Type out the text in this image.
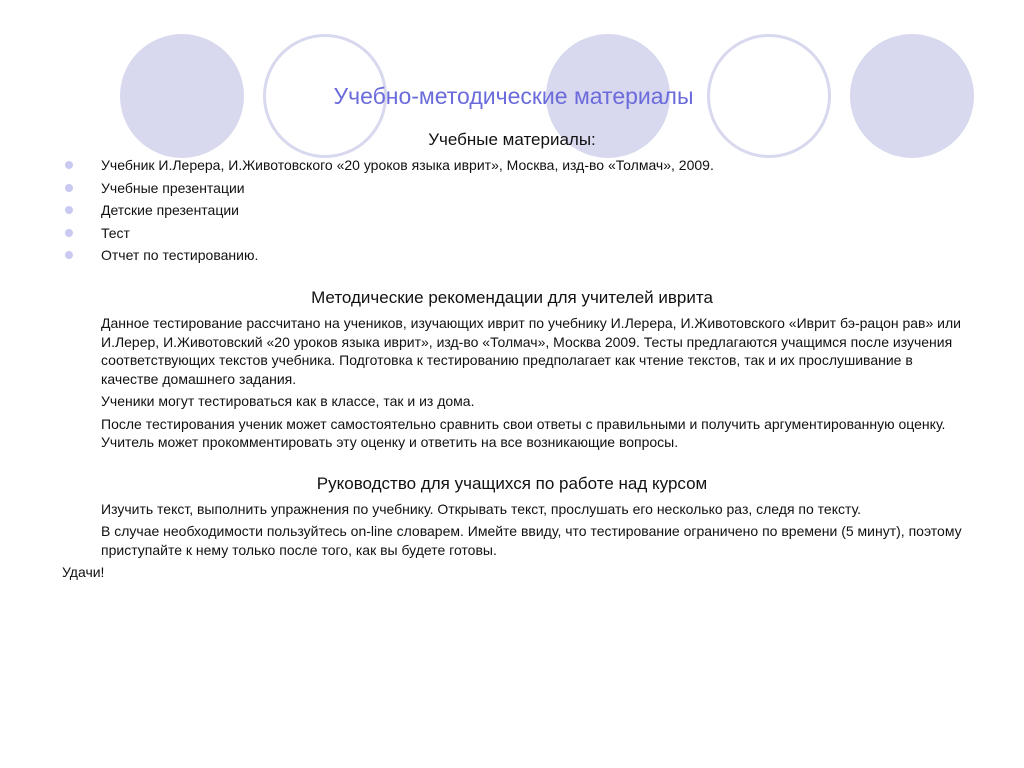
Учебно-методические материалы
Учебные материалы:
Учебник И.Лерера, И.Животовского «20 уроков языка иврит», Москва, изд-во «Толмач», 2009.
Учебные презентации
Детские презентации
Тест
Отчет по тестированию.
Методические рекомендации для учителей иврита
Данное тестирование рассчитано на учеников, изучающих иврит по учебнику И.Лерера, И.Животовского «Иврит бэ-рацон рав» или И.Лерер, И.Животовский «20 уроков языка иврит», изд-во «Толмач», Москва 2009. Тесты предлагаются учащимся после изучения соответствующих текстов учебника. Подготовка к тестированию предполагает как чтение текстов, так и их прослушивание в качестве домашнего задания.
Ученики могут тестироваться как в классе, так и из дома.
После тестирования ученик может самостоятельно сравнить свои ответы с правильными и получить аргументированную оценку. Учитель может прокомментировать эту оценку и ответить на все возникающие вопросы.
Руководство для учащихся по работе над курсом
Изучить текст, выполнить упражнения по учебнику. Открывать текст, прослушать его несколько раз, следя по тексту.
В случае необходимости пользуйтесь on-line словарем. Имейте ввиду, что тестирование ограничено по времени (5 минут), поэтому приступайте к нему только после того, как вы будете готовы.
Удачи!
